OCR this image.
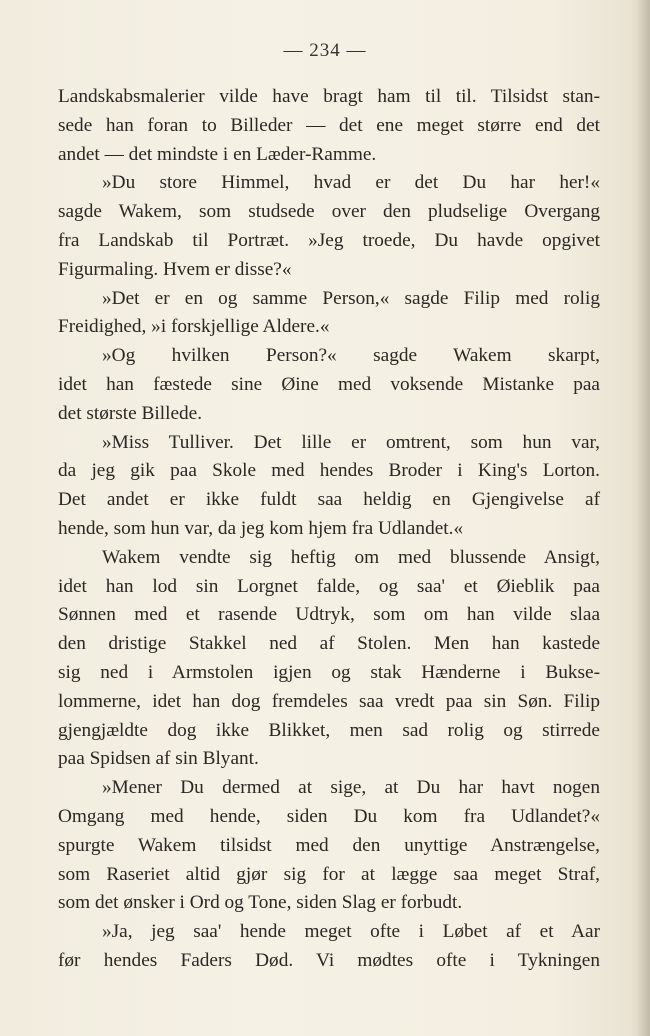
— 234 —
Landskabsmalerier vilde have bragt ham til til. Tilsidst stan-
sede han foran to Billeder — det ene meget større end det
andet — det mindste i en Læder-Ramme.
»Du store Himmel, hvad er det Du har her!«
sagde Wakem, som studsede over den pludselige Overgang
fra Landskab til Portræt. »Jeg troede, Du havde opgivet
Figurmaling. Hvem er disse?«
»Det er en og samme Person,« sagde Filip med rolig
Freidighed, »i forskjellige Aldere.«
»Og hvilken Person?« sagde Wakem skarpt,
idet han fæstede sine Øine med voksende Mistanke paa
det største Billede.
»Miss Tulliver. Det lille er omtrent, som hun var,
da jeg gik paa Skole med hendes Broder i King's Lorton.
Det andet er ikke fuldt saa heldig en Gjengivelse af
hende, som hun var, da jeg kom hjem fra Udlandet.«
Wakem vendte sig heftig om med blussende Ansigt,
idet han lod sin Lorgnet falde, og saa' et Øieblik paa
Sønnen med et rasende Udtryk, som om han vilde slaa
den dristige Stakkel ned af Stolen. Men han kastede
sig ned i Armstolen igjen og stak Hænderne i Bukse-
lommerne, idet han dog fremdeles saa vredt paa sin Søn. Filip
gjengjældte dog ikke Blikket, men sad rolig og stirrede
paa Spidsen af sin Blyant.
»Mener Du dermed at sige, at Du har havt nogen
Omgang med hende, siden Du kom fra Udlandet?«
spurgte Wakem tilsidst med den unyttige Anstrængelse,
som Raseriet altid gjør sig for at lægge saa meget Straf,
som det ønsker i Ord og Tone, siden Slag er forbudt.
»Ja, jeg saa' hende meget ofte i Løbet af et Aar
før hendes Faders Død. Vi mødtes ofte i Tykningen
